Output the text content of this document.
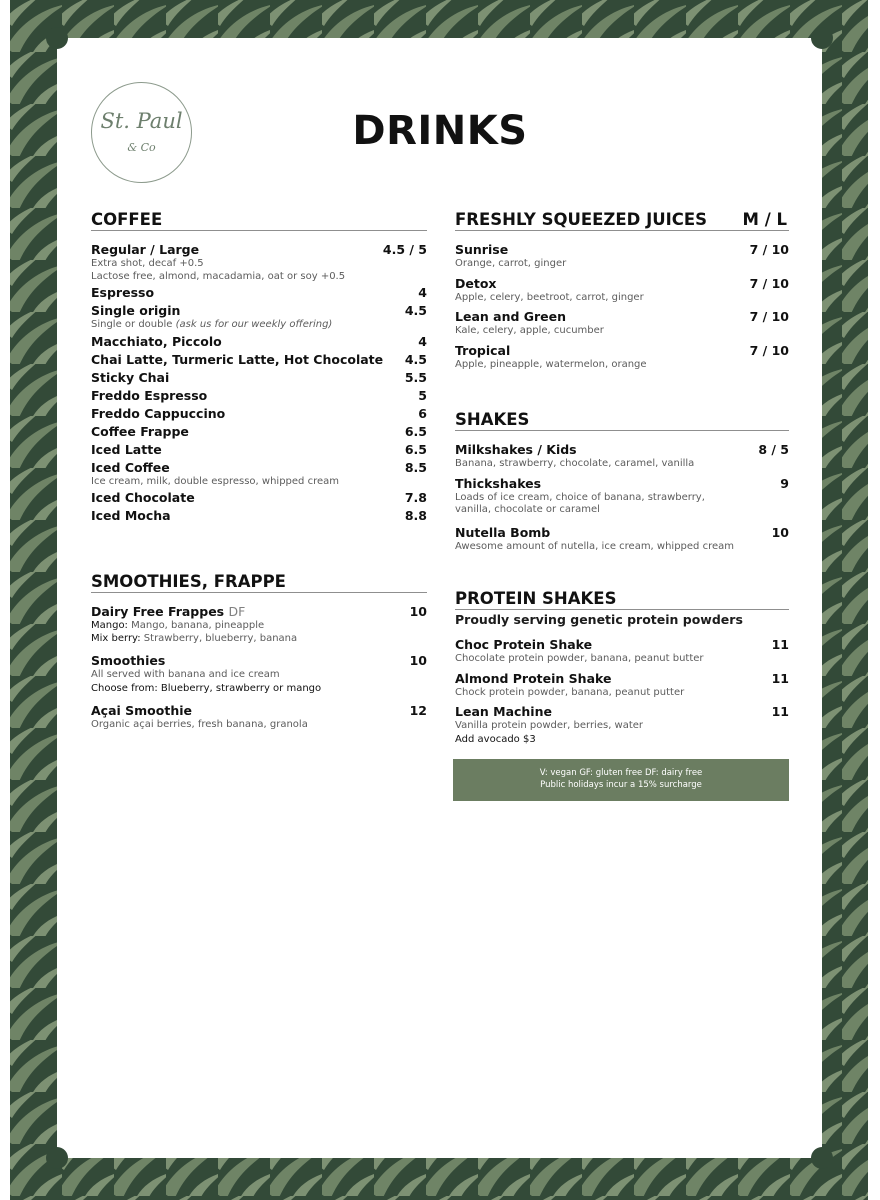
St. Paul
& Co	DRINKS
COFFEE
Regular / Large	4.5 / 5
Extra shot, decaf +0.5
Lactose free, almond, macadamia, oat or soy +0.5
Espresso	4
Single origin	4.5
Single or double (ask us for our weekly offering)
Macchiato, Piccolo	4
Chai Latte, Turmeric Latte, Hot Chocolate 4.5
Sticky Chai	5.5
Freddo Espresso	5
Freddo Cappuccino	6
Coffee Frappe	6.5
Iced Latte	6.5
Iced Coffee	8.5
Ice cream, milk, double espresso, whipped cream
Iced Chocolate	7.8
Iced Mocha	8.8
SMOOTHIES, FRAPPE
Dairy Free Frappes DF	10
Mango: Mango, banana, pineapple
Mix berry: Strawberry, blueberry, banana
Smoothies	10
All served with banana and ice cream
Choose from: Blueberry, strawberry or mango
Açai Smoothie	12
Organic açai berries, fresh banana, granola
FRESHLY SQUEEZED JUICES M / L
Sunrise	7 / 10
Orange, carrot, ginger
Detox	7 / 10
Apple, celery, beetroot, carrot, ginger
Lean and Green	7 / 10
Kale, celery, apple, cucumber
Tropical	7 / 10
Apple, pineapple, watermelon, orange
SHAKES
Milkshakes / Kids	8 / 5
Banana, strawberry, chocolate, caramel, vanilla
Thickshakes	9
Loads of ice cream, choice of banana, strawberry,
vanilla, chocolate or caramel
Nutella Bomb	10
Awesome amount of nutella, ice cream, whipped cream
PROTEIN SHAKES
Proudly serving genetic protein powders
Choc Protein Shake	11
Chocolate protein powder, banana, peanut butter
Almond Protein Shake	11
Chock protein powder, banana, peanut putter
Lean Machine	11
Vanilla protein powder, berries, water
Add avocado $3
V: vegan GF: gluten free DF: dairy free
Public holidays incur a 15% surcharge
